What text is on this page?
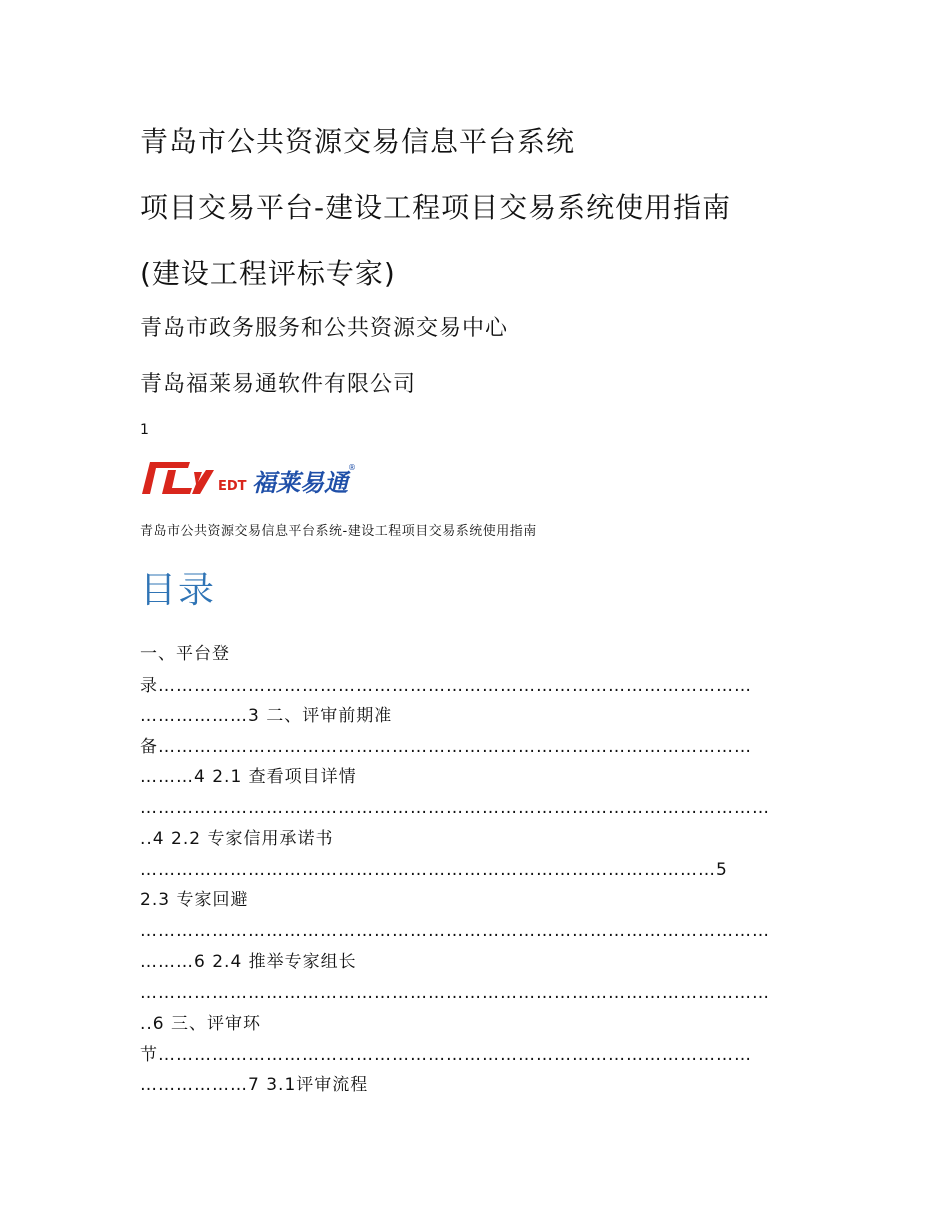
青岛市公共资源交易信息平台系统
项目交易平台-建设工程项目交易系统使用指南
(建设工程评标专家)
青岛市政务服务和公共资源交易中心
青岛福莱易通软件有限公司
1
EDT 福莱易通
®
青岛市公共资源交易信息平台系统-建设工程项目交易系统使用指南
目录
一、平台登
录………………………………………………………………………………………
………………3 二、评审前期准
备………………………………………………………………………………………
………4 2.1 查看项目详情
……………………………………………………………………………………………
..4 2.2 专家信用承诺书
……………………………………………………………………………………5
2.3 专家回避
……………………………………………………………………………………………
………6 2.4 推举专家组长
……………………………………………………………………………………………
..6 三、评审环
节………………………………………………………………………………………
………………7 3.1评审流程
